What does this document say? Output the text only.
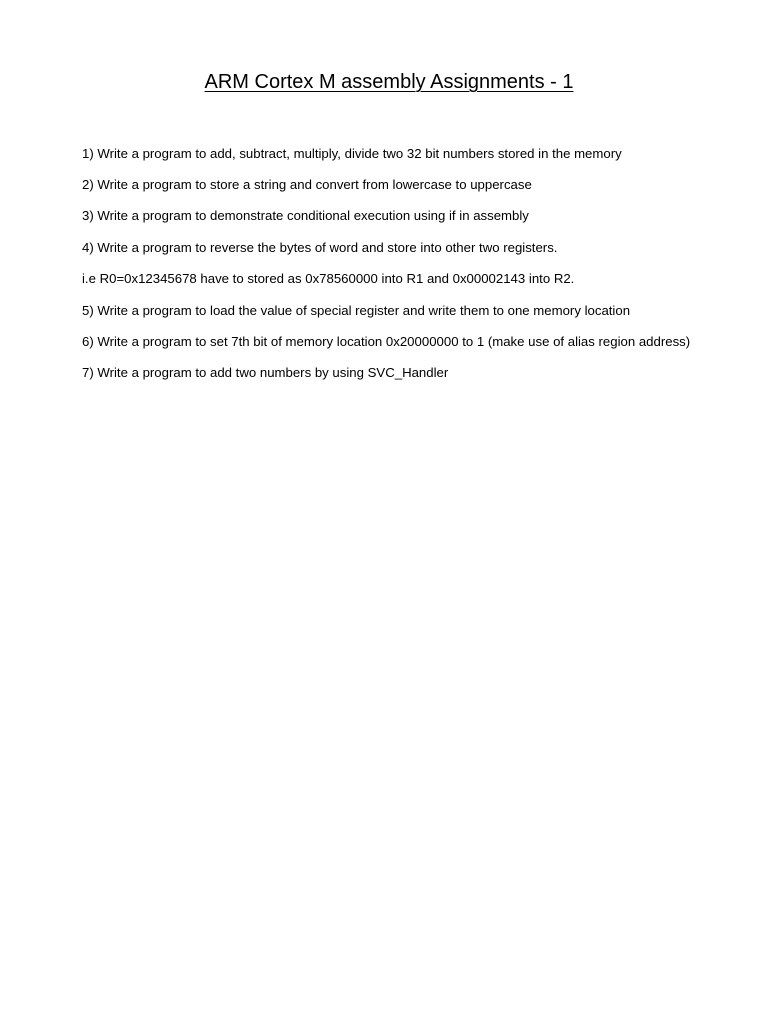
ARM Cortex M assembly Assignments - 1
1) Write a program to add, subtract, multiply, divide two 32 bit numbers stored in the memory
2) Write a program to store a string and convert from lowercase to uppercase
3) Write a program to demonstrate conditional execution using if in assembly
4) Write a program to reverse the bytes of word and store into other two registers.
i.e R0=0x12345678 have to stored as 0x78560000 into R1 and 0x00002143 into R2.
5) Write a program to load the value of special register and write them to one memory location
6) Write a program to set 7th bit of memory location 0x20000000 to 1 (make use of alias region address)
7) Write a program to add two numbers by using SVC_Handler
